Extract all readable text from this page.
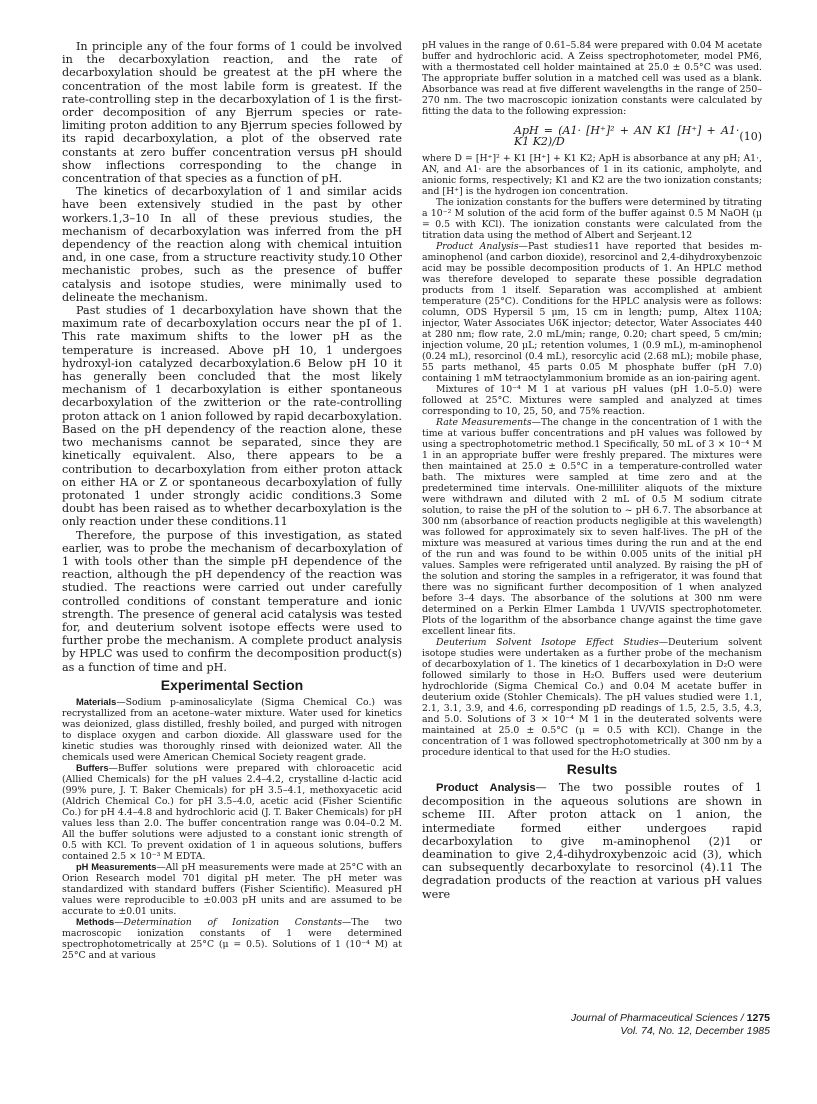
In principle any of the four forms of 1 could be involved in the decarboxylation reaction, and the rate of decarboxylation should be greatest at the pH where the concentration of the most labile form is greatest. If the rate-controlling step in the decarboxylation of 1 is the first-order decomposition of any Bjerrum species or rate-limiting proton addition to any Bjerrum species followed by its rapid decarboxylation, a plot of the observed rate constants at zero buffer concentration versus pH should show inflections corresponding to the change in concentration of that species as a function of pH.

The kinetics of decarboxylation of 1 and similar acids have been extensively studied in the past by other workers.1,3–10 In all of these previous studies, the mechanism of decarboxylation was inferred from the pH dependency of the reaction along with chemical intuition and, in one case, from a structure reactivity study.10 Other mechanistic probes, such as the presence of buffer catalysis and isotope studies, were minimally used to delineate the mechanism.

Past studies of 1 decarboxylation have shown that the maximum rate of decarboxylation occurs near the pI of 1. This rate maximum shifts to the lower pH as the temperature is increased. Above pH 10, 1 undergoes hydroxyl-ion catalyzed decarboxylation.6 Below pH 10 it has generally been concluded that the most likely mechanism of 1 decarboxylation is either spontaneous decarboxylation of the zwitterion or the rate-controlling proton attack on 1 anion followed by rapid decarboxylation. Based on the pH dependency of the reaction alone, these two mechanisms cannot be separated, since they are kinetically equivalent. Also, there appears to be a contribution to decarboxylation from either proton attack on either HA or Z or spontaneous decarboxylation of fully protonated 1 under strongly acidic conditions.3 Some doubt has been raised as to whether decarboxylation is the only reaction under these conditions.11

Therefore, the purpose of this investigation, as stated earlier, was to probe the mechanism of decarboxylation of 1 with tools other than the simple pH dependence of the reaction, although the pH dependency of the reaction was studied. The reactions were carried out under carefully controlled conditions of constant temperature and ionic strength. The presence of general acid catalysis was tested for, and deuterium solvent isotope effects were used to further probe the mechanism. A complete product analysis by HPLC was used to confirm the decomposition product(s) as a function of time and pH.

Experimental Section

Materials—Sodium p-aminosalicylate (Sigma Chemical Co.) was recrystallized from an acetone–water mixture. Water used for kinetics was deionized, glass distilled, freshly boiled, and purged with nitrogen to displace oxygen and carbon dioxide. All glassware used for the kinetic studies was thoroughly rinsed with deionized water. All the chemicals used were American Chemical Society reagent grade.

Buffers—Buffer solutions were prepared with chloroacetic acid (Allied Chemicals) for the pH values 2.4–4.2, crystalline d-lactic acid (99% pure, J. T. Baker Chemicals) for pH 3.5–4.1, methoxyacetic acid (Aldrich Chemical Co.) for pH 3.5–4.0, acetic acid (Fisher Scientific Co.) for pH 4.4–4.8 and hydrochloric acid (J. T. Baker Chemicals) for pH values less than 2.0. The buffer concentration range was 0.04–0.2 M. All the buffer solutions were adjusted to a constant ionic strength of 0.5 with KCl. To prevent oxidation of 1 in aqueous solutions, buffers contained 2.5 × 10⁻³ M EDTA.

pH Measurements—All pH measurements were made at 25°C with an Orion Research model 701 digital pH meter. The pH meter was standardized with standard buffers (Fisher Scientific). Measured pH values were reproducible to ±0.003 pH units and are assumed to be accurate to ±0.01 units.

Methods—Determination of Ionization Constants—The two macroscopic ionization constants of 1 were determined spectrophotometrically at 25°C (μ = 0.5). Solutions of 1 (10⁻⁴ M) at 25°C and at various

pH values in the range of 0.61–5.84 were prepared with 0.04 M acetate buffer and hydrochloric acid. A Zeiss spectrophotometer, model PM6, with a thermostated cell holder maintained at 25.0 ± 0.5°C was used. The appropriate buffer solution in a matched cell was used as a blank. Absorbance was read at five different wavelengths in the range of 250–270 nm. The two macroscopic ionization constants were calculated by fitting the data to the following expression:

ApH = (A1· [H⁺]² + AN K1 [H⁺] + A1· K1 K2)/D	(10)

where D = [H⁺]² + K1 [H⁺] + K1 K2; ApH is absorbance at any pH; A1·, AN, and A1· are the absorbances of 1 in its cationic, ampholyte, and anionic forms, respectively; K1 and K2 are the two ionization constants; and [H⁺] is the hydrogen ion concentration.

The ionization constants for the buffers were determined by titrating a 10⁻² M solution of the acid form of the buffer against 0.5 M NaOH (μ = 0.5 with KCl). The ionization constants were calculated from the titration data using the method of Albert and Serjeant.12

Product Analysis—Past studies11 have reported that besides m-aminophenol (and carbon dioxide), resorcinol and 2,4-dihydroxybenzoic acid may be possible decomposition products of 1. An HPLC method was therefore developed to separate these possible degradation products from 1 itself. Separation was accomplished at ambient temperature (25°C). Conditions for the HPLC analysis were as follows: column, ODS Hypersil 5 μm, 15 cm in length; pump, Altex 110A; injector, Water Associates U6K injector; detector, Water Associates 440 at 280 nm; flow rate, 2.0 mL/min; range, 0.20; chart speed, 5 cm/min; injection volume, 20 μL; retention volumes, 1 (0.9 mL), m-aminophenol (0.24 mL), resorcinol (0.4 mL), resorcylic acid (2.68 mL); mobile phase, 55 parts methanol, 45 parts 0.05 M phosphate buffer (pH 7.0) containing 1 mM tetraoctylammonium bromide as an ion-pairing agent.

Mixtures of 10⁻⁴ M 1 at various pH values (pH 1.0–5.0) were followed at 25°C. Mixtures were sampled and analyzed at times corresponding to 10, 25, 50, and 75% reaction.

Rate Measurements—The change in the concentration of 1 with the time at various buffer concentrations and pH values was followed by using a spectrophotometric method.1 Specifically, 50 mL of 3 × 10⁻⁴ M 1 in an appropriate buffer were freshly prepared. The mixtures were then maintained at 25.0 ± 0.5°C in a temperature-controlled water bath. The mixtures were sampled at time zero and at the predetermined time intervals. One-milliliter aliquots of the mixture were withdrawn and diluted with 2 mL of 0.5 M sodium citrate solution, to raise the pH of the solution to ~ pH 6.7. The absorbance at 300 nm (absorbance of reaction products negligible at this wavelength) was followed for approximately six to seven half-lives. The pH of the mixture was measured at various times during the run and at the end of the run and was found to be within 0.005 units of the initial pH values. Samples were refrigerated until analyzed. By raising the pH of the solution and storing the samples in a refrigerator, it was found that there was no significant further decomposition of 1 when analyzed before 3–4 days. The absorbance of the solutions at 300 nm were determined on a Perkin Elmer Lambda 1 UV/VIS spectrophotometer. Plots of the logarithm of the absorbance change against the time gave excellent linear fits.

Deuterium Solvent Isotope Effect Studies—Deuterium solvent isotope studies were undertaken as a further probe of the mechanism of decarboxylation of 1. The kinetics of 1 decarboxylation in D₂O were followed similarly to those in H₂O. Buffers used were deuterium hydrochloride (Sigma Chemical Co.) and 0.04 M acetate buffer in deuterium oxide (Stohler Chemicals). The pH values studied were 1.1, 2.1, 3.1, 3.9, and 4.6, corresponding pD readings of 1.5, 2.5, 3.5, 4.3, and 5.0. Solutions of 3 × 10⁻⁴ M 1 in the deuterated solvents were maintained at 25.0 ± 0.5°C (μ = 0.5 with KCl). Change in the concentration of 1 was followed spectrophotometrically at 300 nm by a procedure identical to that used for the H₂O studies.

Results

Product Analysis— The two possible routes of 1 decomposition in the aqueous solutions are shown in scheme III. After proton attack on 1 anion, the intermediate formed either undergoes rapid decarboxylation to give m-aminophenol (2)1 or deamination to give 2,4-dihydroxybenzoic acid (3), which can subsequently decarboxylate to resorcinol (4).11 The degradation products of the reaction at various pH values were

Journal of Pharmaceutical Sciences / 1275
Vol. 74, No. 12, December 1985
